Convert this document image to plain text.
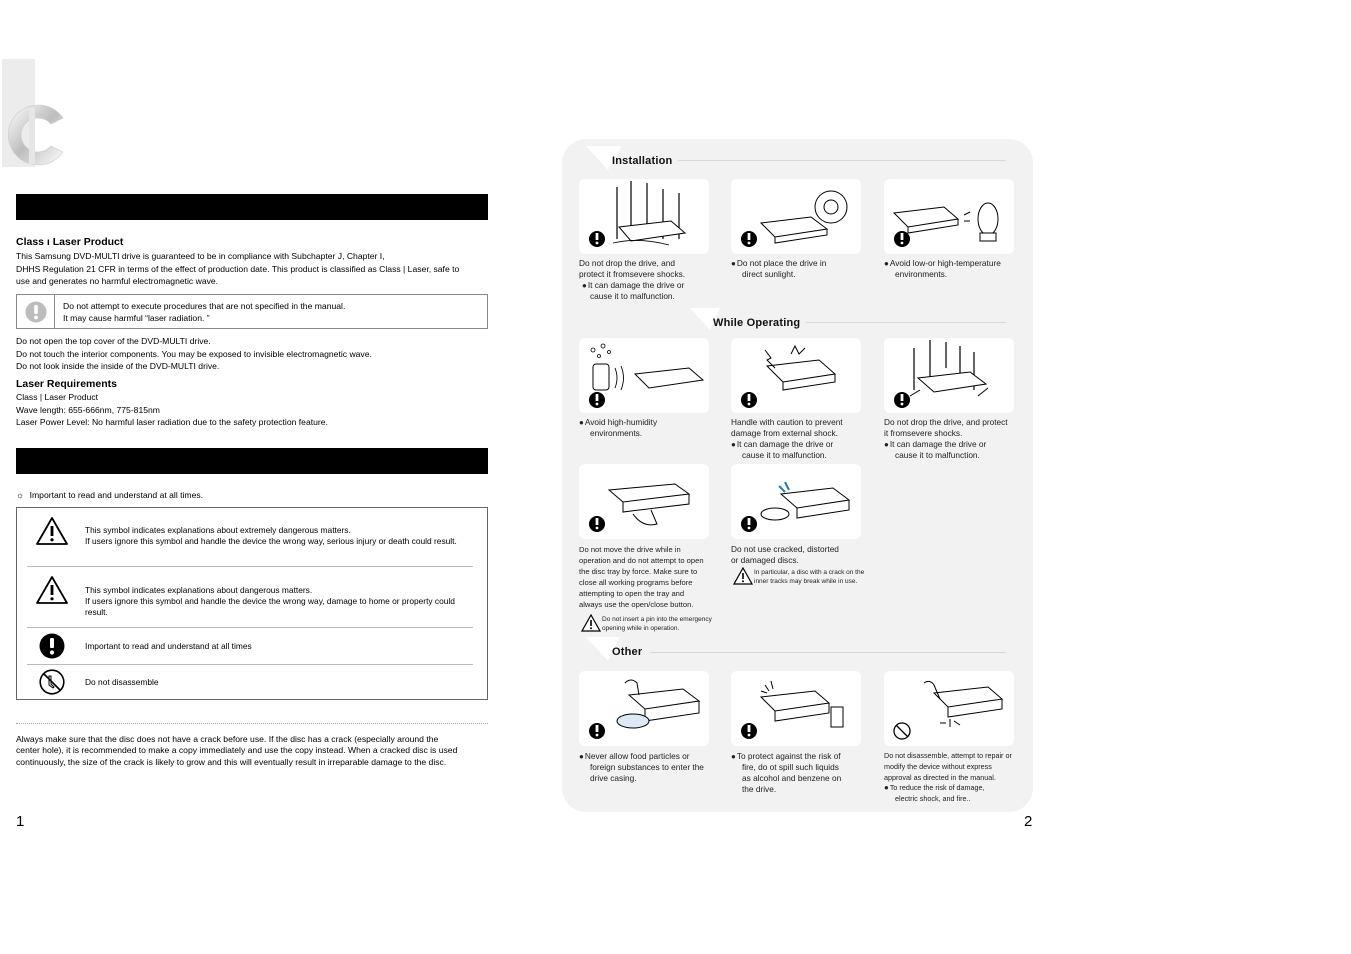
Class ı Laser Product
This Samsung DVD-MULTI drive is guaranteed to be in compliance with Subchapter J, Chapter I,
DHHS Regulation 21 CFR in terms of the effect of production date. This product is classified as Class | Laser, safe to
use and generates no harmful electromagnetic wave.
Do not attempt to execute procedures that are not specified in the manual.
It may cause harmful “laser radiation. ”
Do not open the top cover of the DVD-MULTI drive.
Do not touch the interior components. You may be exposed to invisible electromagnetic wave.
Do not look inside the inside of the DVD-MULTI drive.
Laser Requirements
Class | Laser Product
Wave length: 655-666nm, 775-815nm
Laser Power Level: No harmful laser radiation due to the safety protection feature.
☼ Important to read and understand at all times.
This symbol indicates explanations about extremely dangerous matters.
If users ignore this symbol and handle the device the wrong way, serious injury or death could result.
This symbol indicates explanations about dangerous matters.
If users ignore this symbol and handle the device the wrong way, damage to home or property could result.
Important to read and understand at all times
Do not disassemble
Always make sure that the disc does not have a crack before use. If the disc has a crack (especially around the
center hole), it is recommended to make a copy immediately and use the copy instead. When a cracked disc is used
continuously, the size of the crack is likely to grow and this will eventually result in irreparable damage to the disc.
1
Installation
Do not drop the drive, and
protect it fromsevere shocks.
● It can damage the drive or
cause it to malfunction.
● Do not place the drive in
direct sunlight.
● Avoid low-or high-temperature
environments.
While Operating
● Avoid high-humidity
environments.
Handle with caution to prevent
damage from external shock.
● It can damage the drive or
cause it to malfunction.
Do not drop the drive, and protect
it fromsevere shocks.
● It can damage the drive or
cause it to malfunction.
Do not move the drive while in
operation and do not attempt to open
the disc tray by force. Make sure to
close all working programs before
attempting to open the tray and
always use the open/close button.
Do not insert a pin into the emergency
opening while in operation.
Do not use cracked, distorted
or damaged discs.
In particular, a disc with a crack on the
inner tracks may break while in use.
Other
● Never allow food particles or
foreign substances to enter the
drive casing.
● To protect against the risk of
fire, do ot spill such liquids
as alcohol and benzene on
the drive.
Do not disassemble, attempt to repair or
modify the device without express
approval as directed in the manual.
● To reduce the risk of damage,
electric shock, and fire..
2
